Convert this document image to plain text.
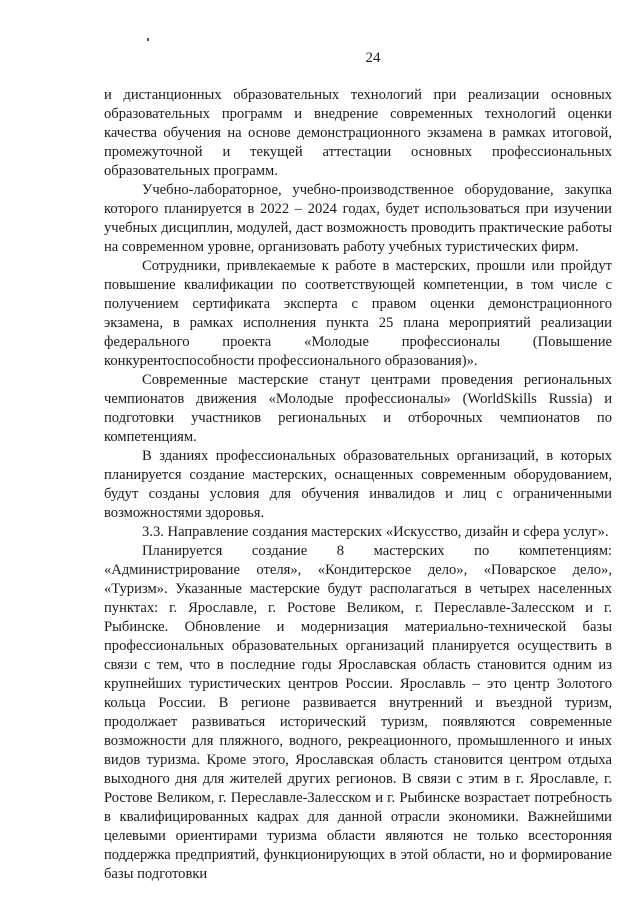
24

и дистанционных образовательных технологий при реализации основных образовательных программ и внедрение современных технологий оценки качества обучения на основе демонстрационного экзамена в рамках итоговой, промежуточной и текущей аттестации основных профессиональных образовательных программ.

Учебно-лабораторное, учебно-производственное оборудование, закупка которого планируется в 2022 – 2024 годах, будет использоваться при изучении учебных дисциплин, модулей, даст возможность проводить практические работы на современном уровне, организовать работу учебных туристических фирм.

Сотрудники, привлекаемые к работе в мастерских, прошли или пройдут повышение квалификации по соответствующей компетенции, в том числе с получением сертификата эксперта с правом оценки демонстрационного экзамена, в рамках исполнения пункта 25 плана мероприятий реализации федерального проекта «Молодые профессионалы (Повышение конкурентоспособности профессионального образования)».

Современные мастерские станут центрами проведения региональных чемпионатов движения «Молодые профессионалы» (WorldSkills Russia) и подготовки участников региональных и отборочных чемпионатов по компетенциям.

В зданиях профессиональных образовательных организаций, в которых планируется создание мастерских, оснащенных современным оборудованием, будут созданы условия для обучения инвалидов и лиц с ограниченными возможностями здоровья.

3.3. Направление создания мастерских «Искусство, дизайн и сфера услуг».

Планируется создание 8 мастерских по компетенциям: «Администрирование отеля», «Кондитерское дело», «Поварское дело», «Туризм». Указанные мастерские будут располагаться в четырех населенных пунктах: г. Ярославле, г. Ростове Великом, г. Переславле-Залесском и г. Рыбинске. Обновление и модернизация материально-технической базы профессиональных образовательных организаций планируется осуществить в связи с тем, что в последние годы Ярославская область становится одним из крупнейших туристических центров России. Ярославль – это центр Золотого кольца России. В регионе развивается внутренний и въездной туризм, продолжает развиваться исторический туризм, появляются современные возможности для пляжного, водного, рекреационного, промышленного и иных видов туризма. Кроме этого, Ярославская область становится центром отдыха выходного дня для жителей других регионов. В связи с этим в г. Ярославле, г. Ростове Великом, г. Переславле-Залесском и г. Рыбинске возрастает потребность в квалифицированных кадрах для данной отрасли экономики. Важнейшими целевыми ориентирами туризма области являются не только всесторонняя поддержка предприятий, функционирующих в этой области, но и формирование базы подготовки
